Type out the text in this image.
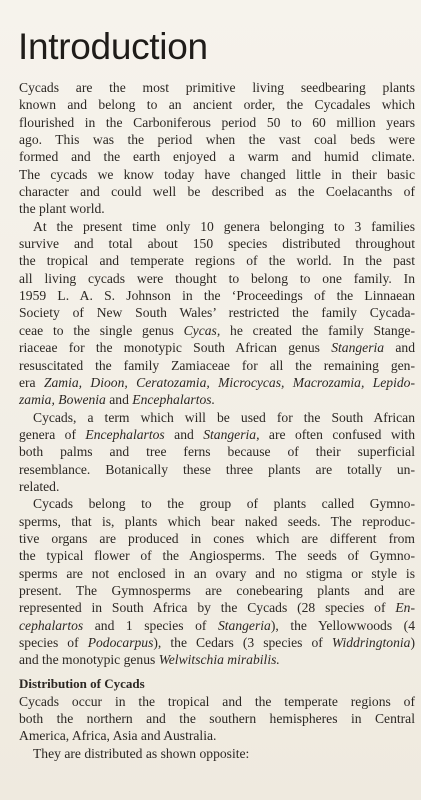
Introduction
Cycads are the most primitive living seedbearing plants
known and belong to an ancient order, the Cycadales which
flourished in the Carboniferous period 50 to 60 million years
ago. This was the period when the vast coal beds were
formed and the earth enjoyed a warm and humid climate.
The cycads we know today have changed little in their basic
character and could well be described as the Coelacanths of
the plant world.
At the present time only 10 genera belonging to 3 families
survive and total about 150 species distributed throughout
the tropical and temperate regions of the world. In the past
all living cycads were thought to belong to one family. In
1959 L. A. S. Johnson in the ‘Proceedings of the Linnaean
Society of New South Wales’ restricted the family Cycada-
ceae to the single genus Cycas, he created the family Stange-
riaceae for the monotypic South African genus Stangeria and
resuscitated the family Zamiaceae for all the remaining gen-
era Zamia, Dioon, Ceratozamia, Microcycas, Macrozamia, Lepido-
zamia, Bowenia and Encephalartos.
Cycads, a term which will be used for the South African
genera of Encephalartos and Stangeria, are often confused with
both palms and tree ferns because of their superficial
resemblance. Botanically these three plants are totally un-
related.
Cycads belong to the group of plants called Gymno-
sperms, that is, plants which bear naked seeds. The reproduc-
tive organs are produced in cones which are different from
the typical flower of the Angiosperms. The seeds of Gymno-
sperms are not enclosed in an ovary and no stigma or style is
present. The Gymnosperms are conebearing plants and are
represented in South Africa by the Cycads (28 species of En-
cephalartos and 1 species of Stangeria), the Yellowwoods (4
species of Podocarpus), the Cedars (3 species of Widdringtonia)
and the monotypic genus Welwitschia mirabilis.
Distribution of Cycads
Cycads occur in the tropical and the temperate regions of
both the northern and the southern hemispheres in Central
America, Africa, Asia and Australia.
They are distributed as shown opposite:
